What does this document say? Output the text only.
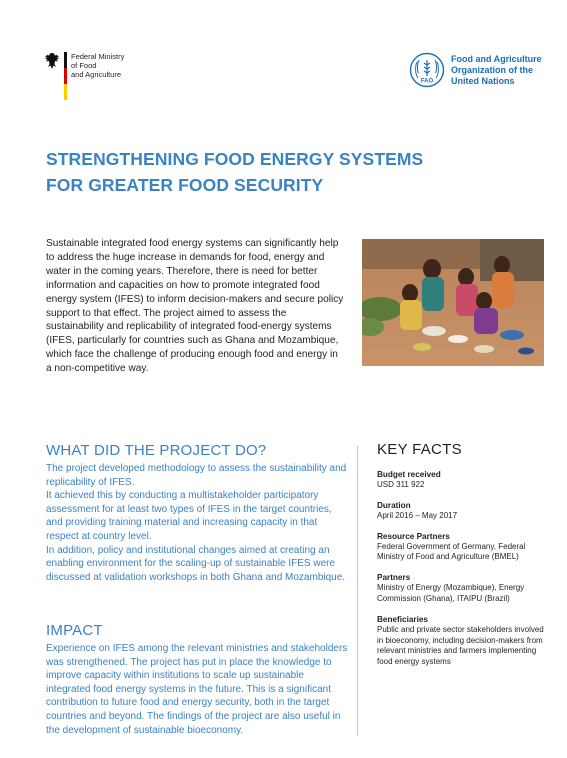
Federal Ministry
of Food
and Agriculture
FAO
Food and Agriculture
Organization of the
United Nations
STRENGTHENING FOOD ENERGY SYSTEMS
FOR GREATER FOOD SECURITY
Sustainable integrated food energy systems can significantly help to address the huge increase in demands for food, energy and water in the coming years. Therefore, there is need for better information and capacities on how to promote integrated food energy system (IFES) to inform decision-makers and secure policy support to that effect. The project aimed to assess the sustainability and replicability of integrated food-energy systems (IFES, particularly for countries such as Ghana and Mozambique, which face the challenge of producing enough food and energy in a non-competitive way.
WHAT DID THE PROJECT DO?

The project developed methodology to assess the sustainability and replicability of IFES.

It achieved this by conducting a multistakeholder participatory assessment for at least two types of IFES in the target countries, and providing training material and increasing capacity in that respect at country level.

In addition, policy and institutional changes aimed at creating an enabling environment for the scaling-up of sustainable IFES were discussed at validation workshops in both Ghana and Mozambique.

IMPACT
Experience on IFES among the relevant ministries and stakeholders was strengthened. The project has put in place the knowledge to improve capacity within institutions to scale up sustainable integrated food energy systems in the future. This is a significant contribution to future food and energy security, both in the target countries and beyond. The findings of the project are also useful in the development of sustainable bioeconomy.
KEY FACTS
Budget received
USD 311 922
Duration
April 2016 – May 2017
Resource Partners
Federal Government of Germany, Federal Ministry of Food and Agriculture (BMEL)
Partners
Ministry of Energy (Mozambique), Energy Commission (Ghana), ITAIPU (Brazil)
Beneficiaries
Public and private sector stakeholders involved in bioeconomy, including decision-makers from relevant ministries and farmers implementing food energy systems
